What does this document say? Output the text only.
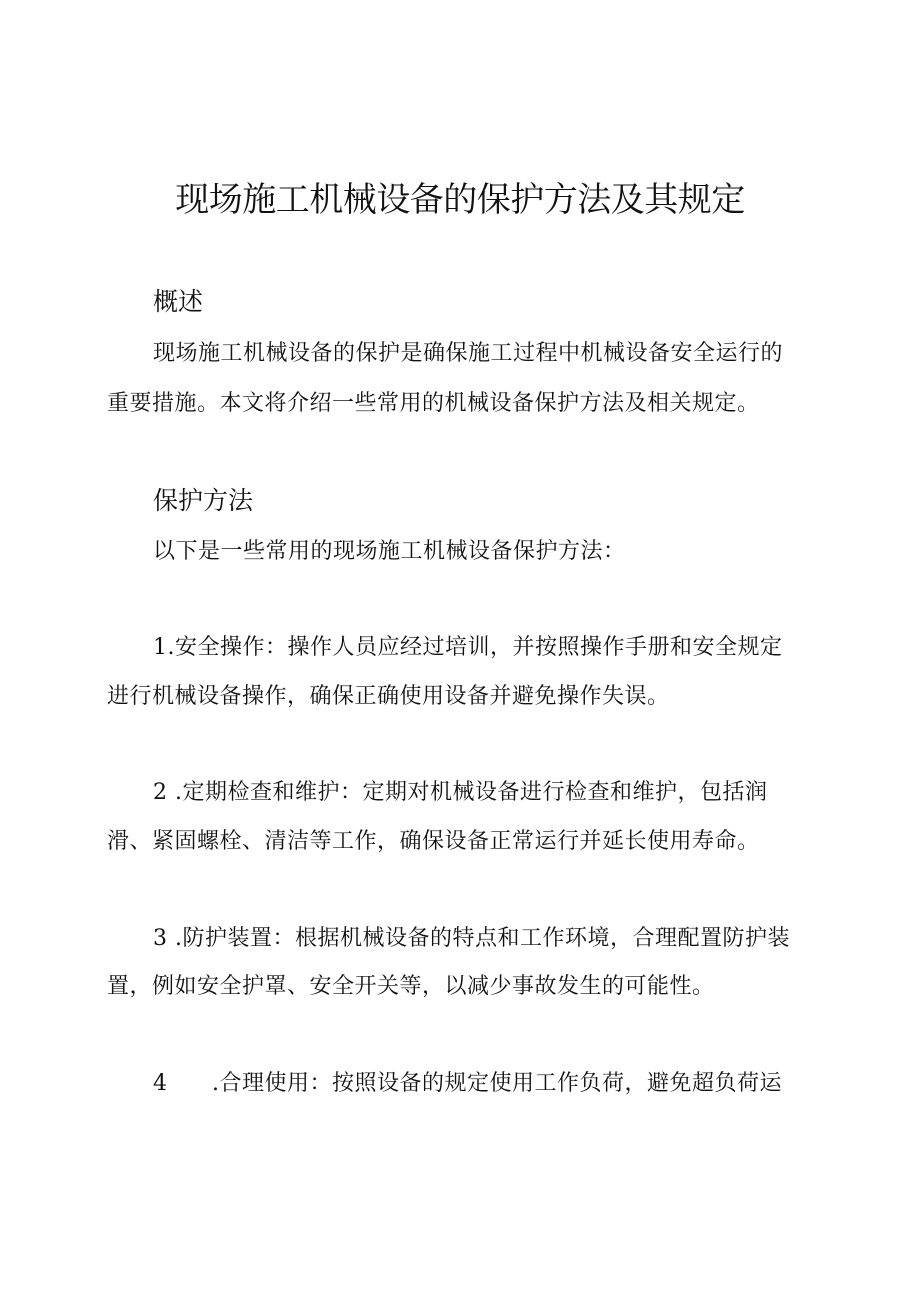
现场施工机械设备的保护方法及其规定
概述
现场施工机械设备的保护是确保施工过程中机械设备安全运行的
重要措施。本文将介绍一些常用的机械设备保护方法及相关规定。
保护方法
以下是一些常用的现场施工机械设备保护方法：
1.安全操作：操作人员应经过培训，并按照操作手册和安全规定
进行机械设备操作，确保正确使用设备并避免操作失误。
2 .定期检查和维护：定期对机械设备进行检查和维护，包括润
滑、紧固螺栓、清洁等工作，确保设备正常运行并延长使用寿命。
3 .防护装置：根据机械设备的特点和工作环境，合理配置防护装
置，例如安全护罩、安全开关等，以减少事故发生的可能性。
4 .合理使用：按照设备的规定使用工作负荷，避免超负荷运
